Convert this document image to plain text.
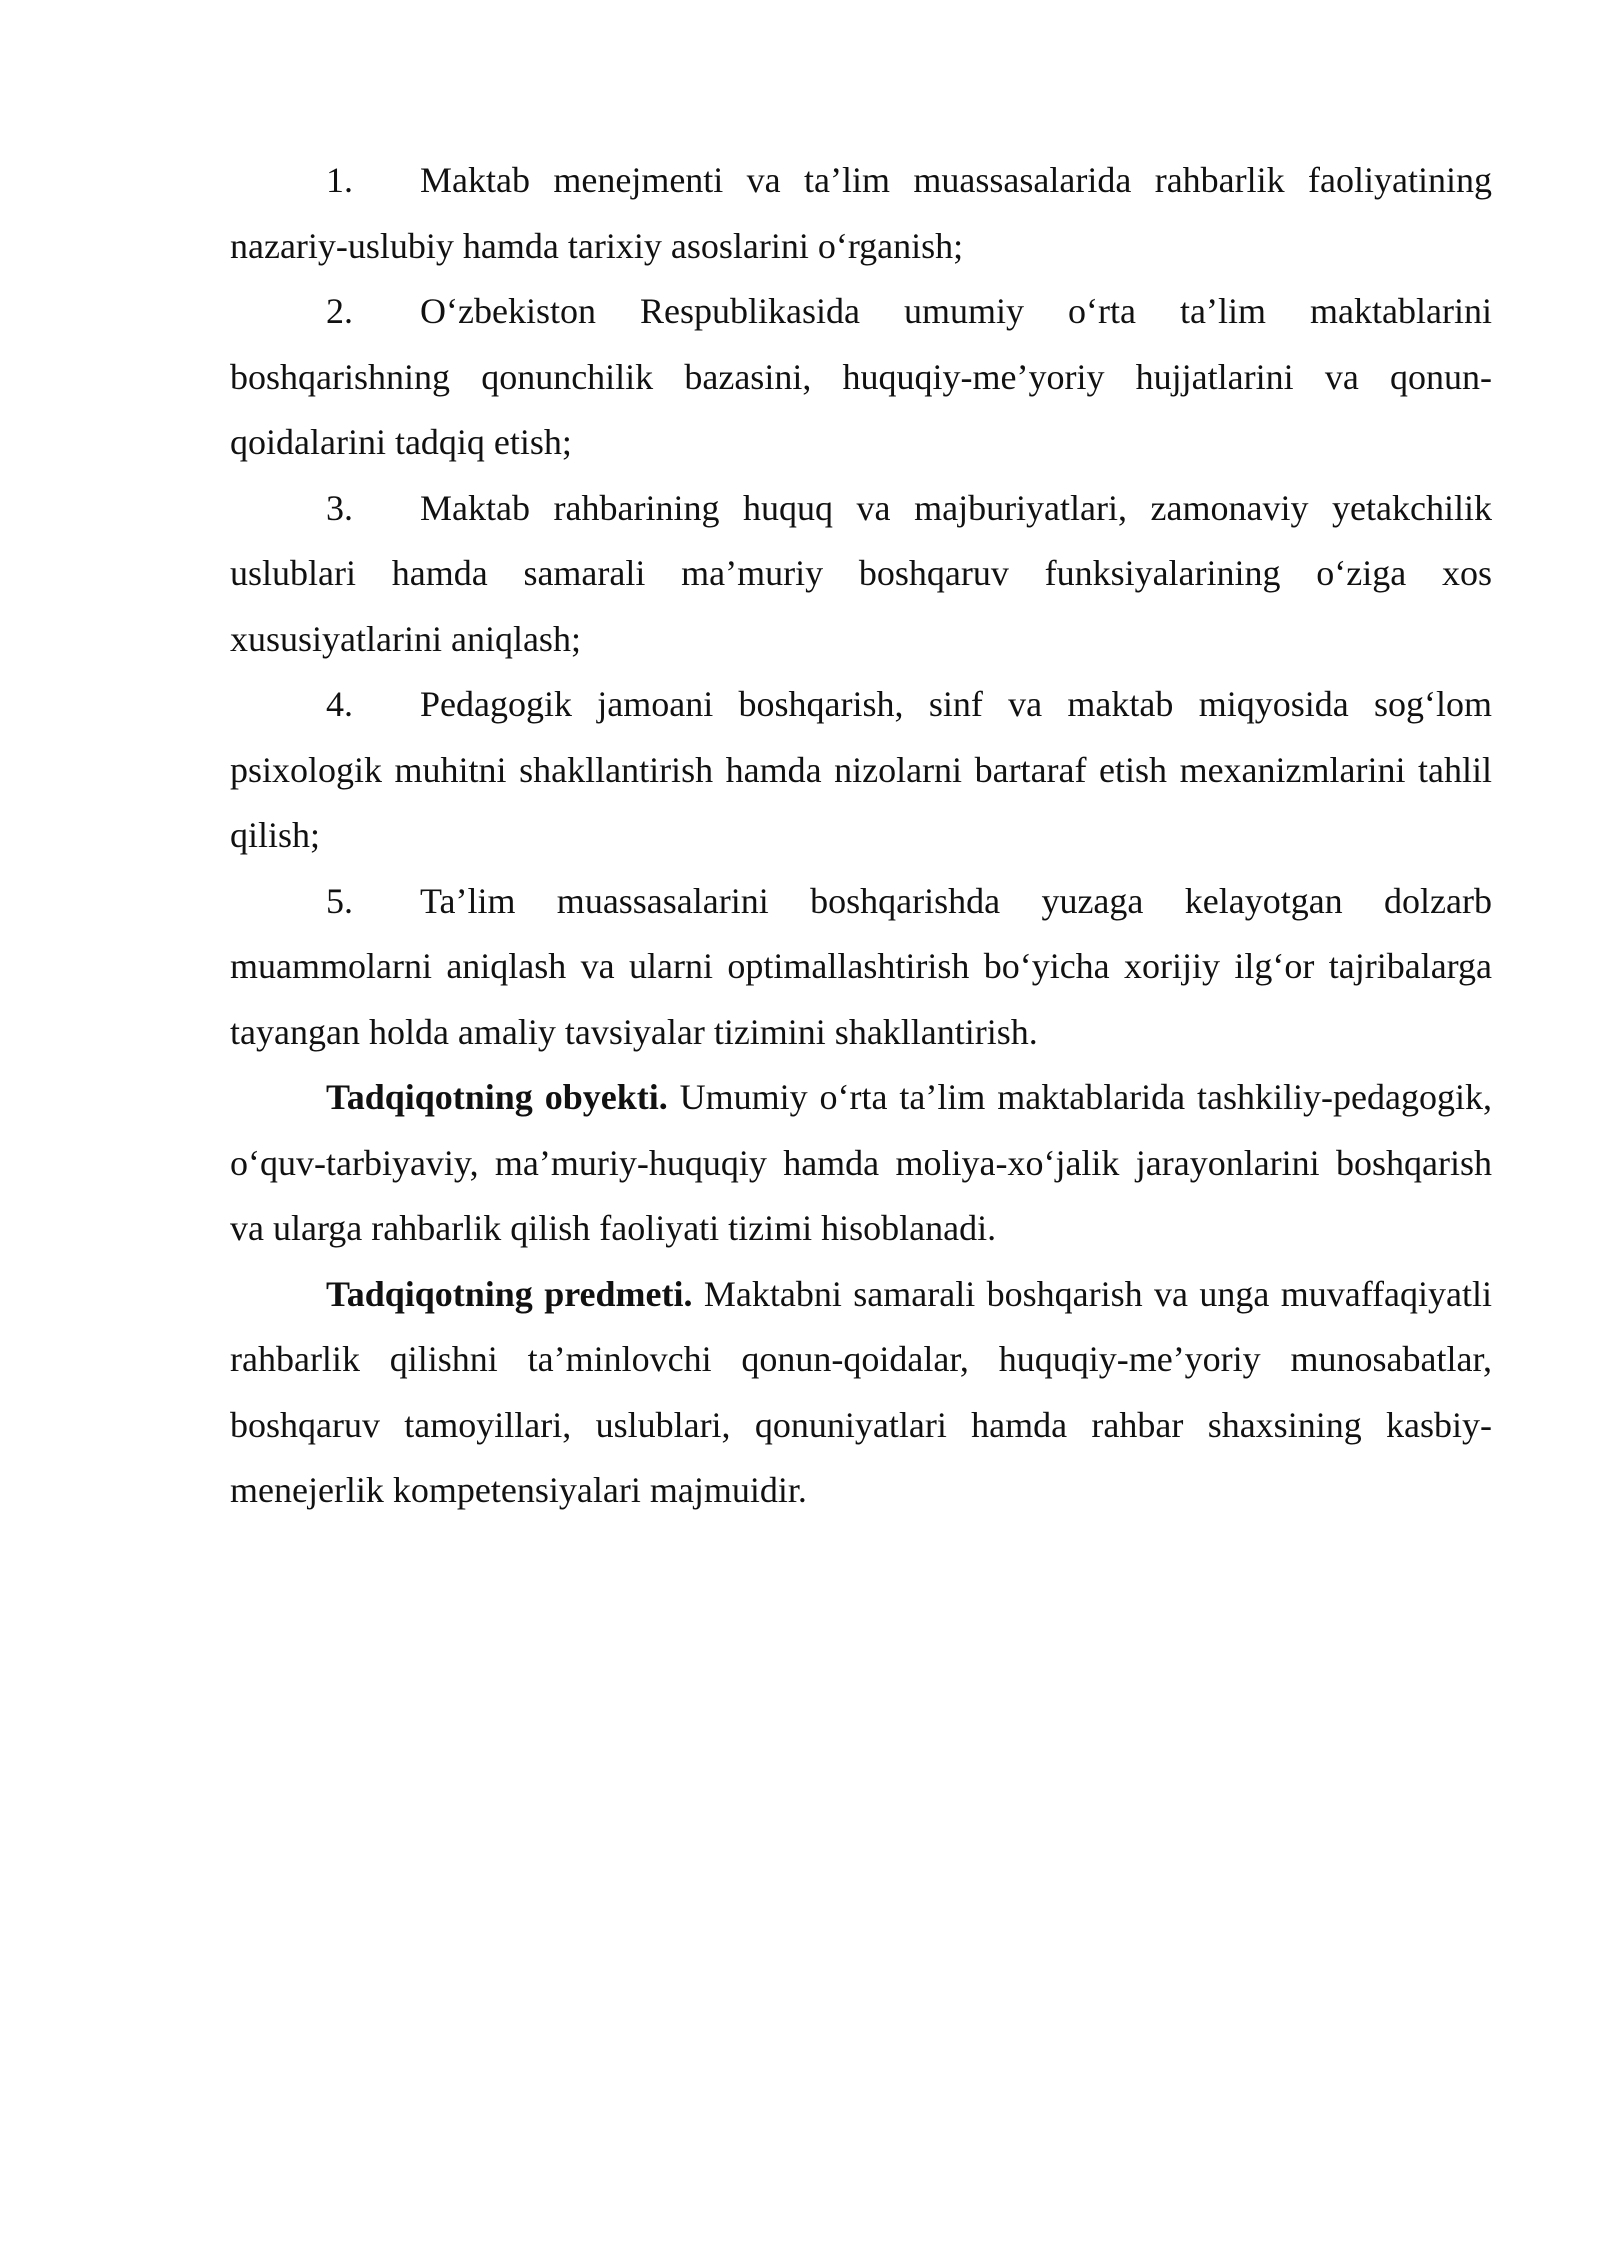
1. Maktab menejmenti va ta’lim muassasalarida rahbarlik faoliyatining nazariy-uslubiy hamda tarixiy asoslarini o‘rganish;

2. O‘zbekiston Respublikasida umumiy o‘rta ta’lim maktablarini boshqarishning qonunchilik bazasini, huquqiy-me’yoriy hujjatlarini va qonun-qoidalarini tadqiq etish;

3. Maktab rahbarining huquq va majburiyatlari, zamonaviy yetakchilik uslublari hamda samarali ma’muriy boshqaruv funksiyalarining o‘ziga xos xususiyatlarini aniqlash;

4. Pedagogik jamoani boshqarish, sinf va maktab miqyosida sog‘lom psixologik muhitni shakllantirish hamda nizolarni bartaraf etish mexanizmlarini tahlil qilish;

5. Ta’lim muassasalarini boshqarishda yuzaga kelayotgan dolzarb muammolarni aniqlash va ularni optimallashtirish bo‘yicha xorijiy ilg‘or tajribalarga tayangan holda amaliy tavsiyalar tizimini shakllantirish.

Tadqiqotning obyekti. Umumiy o‘rta ta’lim maktablarida tashkiliy-pedagogik, o‘quv-tarbiyaviy, ma’muriy-huquqiy hamda moliya-xo‘jalik jarayonlarini boshqarish va ularga rahbarlik qilish faoliyati tizimi hisoblanadi.

Tadqiqotning predmeti. Maktabni samarali boshqarish va unga muvaffaqiyatli rahbarlik qilishni ta’minlovchi qonun-qoidalar, huquqiy-me’yoriy munosabatlar, boshqaruv tamoyillari, uslublari, qonuniyatlari hamda rahbar shaxsining kasbiy-menejerlik kompetensiyalari majmuidir.
